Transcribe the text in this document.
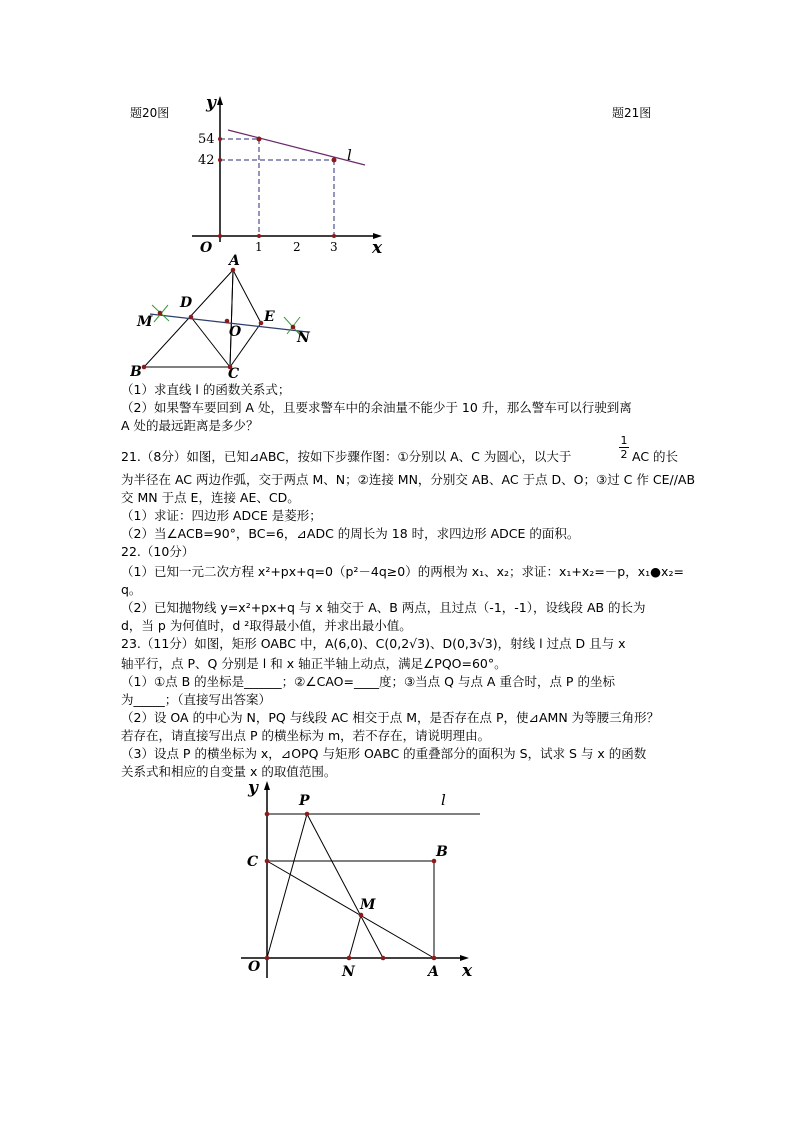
题20图	题21图
y
x
O
54
42
1	2 3
l
A
B	C
D
E
M
N
O
（1）求直线 l 的函数关系式；
（2）如果警车要回到 A 处，且要求警车中的余油量不能少于 10 升，那么警车可以行驶到离
A 处的最远距离是多少？
21.（8分）如图，已知⊿ABC，按如下步骤作图：①分别以 A、C 为圆心，以大于	$\frac{1}{2}$ AC 的长
为半径在 AC 两边作弧，交于两点 M、N；②连接 MN，分别交 AB、AC 于点 D、O；③过 C 作 CE//AB
交 MN 于点 E，连接 AE、CD。
（1）求证：四边形 ADCE 是菱形；
（2）当∠ACB=90°，BC=6，⊿ADC 的周长为 18 时，求四边形 ADCE 的面积。
22.（10分）
（1）已知一元二次方程 x²+px+q=0（p²－4q≥0）的两根为 x₁、x₂；求证：x₁+x₂=－p，x₁●x₂=
q。
（2）已知抛物线 y=x²+px+q 与 x 轴交于 A、B 两点，且过点（-1，-1），设线段 AB 的长为
d，当 p 为何值时，d ²取得最小值，并求出最小值。
23.（11分）如图，矩形 OABC 中，A(6,0)、C(0,2√3)、D(0,3√3)，射线 l 过点 D 且与 x
轴平行，点 P、Q 分别是 l 和 x 轴正半轴上动点，满足∠PQO=60°。
（1）①点 B 的坐标是______；②∠CAO=____度；③当点 Q 与点 A 重合时，点 P 的坐标
为_____；（直接写出答案）
（2）设 OA 的中心为 N，PQ 与线段 AC 相交于点 M，是否存在点 P，使⊿AMN 为等腰三角形？
若存在，请直接写出点 P 的横坐标为 m，若不存在，请说明理由。
（3）设点 P 的横坐标为 x，⊿OPQ 与矩形 OABC 的重叠部分的面积为 S，试求 S 与 x 的函数
关系式和相应的自变量 x 的取值范围。
y
x
P	l
C
B
M
O	N	A
